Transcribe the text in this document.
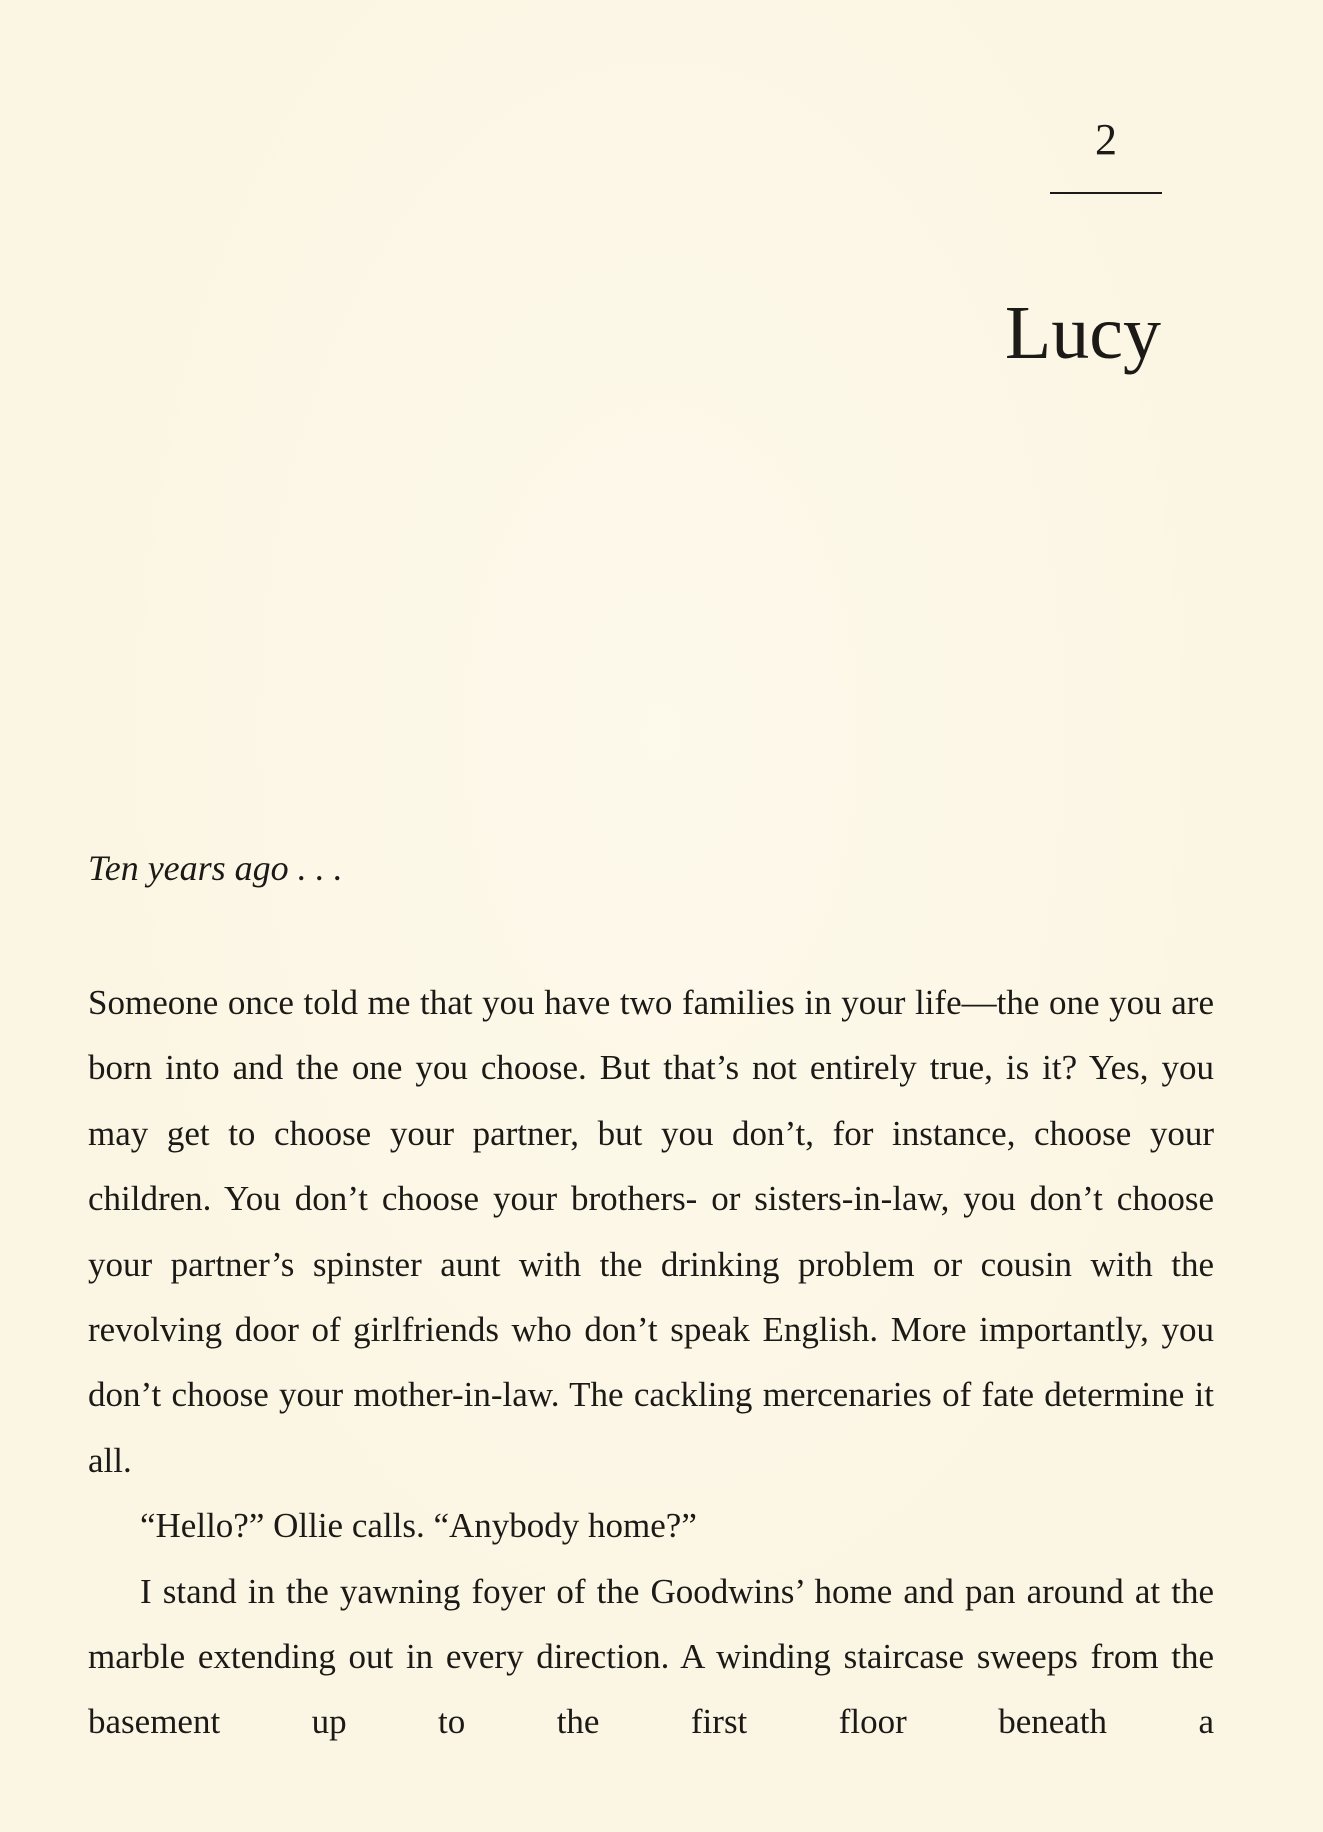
2
Lucy
Ten years ago . . .

Someone once told me that you have two families in your life—the one you are born into and the one you choose. But that’s not entirely true, is it? Yes, you may get to choose your partner, but you don’t, for instance, choose your children. You don’t choose your brothers- or sisters-in-law, you don’t choose your partner’s spinster aunt with the drinking problem or cousin with the revolving door of girlfriends who don’t speak English. More importantly, you don’t choose your mother-in-law. The cackling mercenaries of fate determine it all.

“Hello?” Ollie calls. “Anybody home?”

I stand in the yawning foyer of the Goodwins’ home and pan around at the marble extending out in every direction. A winding staircase sweeps from the basement up to the first floor beneath a
